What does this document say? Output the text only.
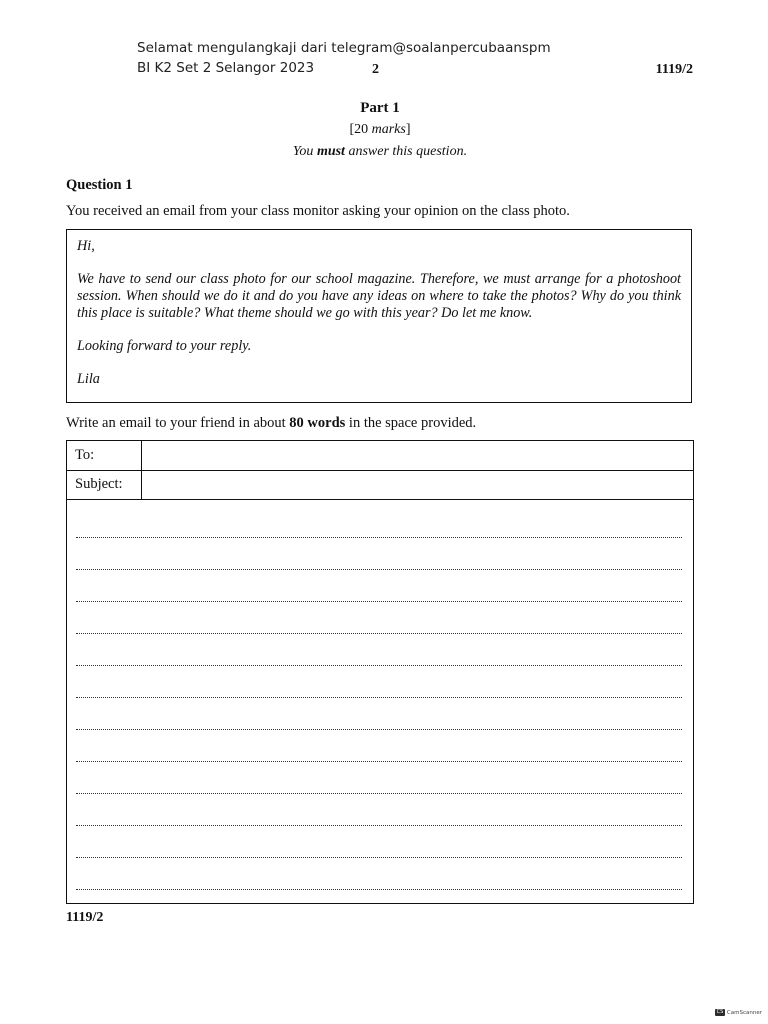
Selamat mengulangkaji dari telegram@soalanpercubaanspm
BI K2 Set 2 Selangor 2023	2	1119/2
Part 1
[20 marks]
You must answer this question.
Question 1
You received an email from your class monitor asking your opinion on the class photo.

Hi,

We have to send our class photo for our school magazine. Therefore, we must arrange for a photoshoot session. When should we do it and do you have any ideas on where to take the photos? Why do you think this place is suitable? What theme should we go with this year? Do let me know.

Looking forward to your reply.

Lila

Write an email to your friend in about 80 words in the space provided.
To:
Subject:
1119/2
CS CamScanner
